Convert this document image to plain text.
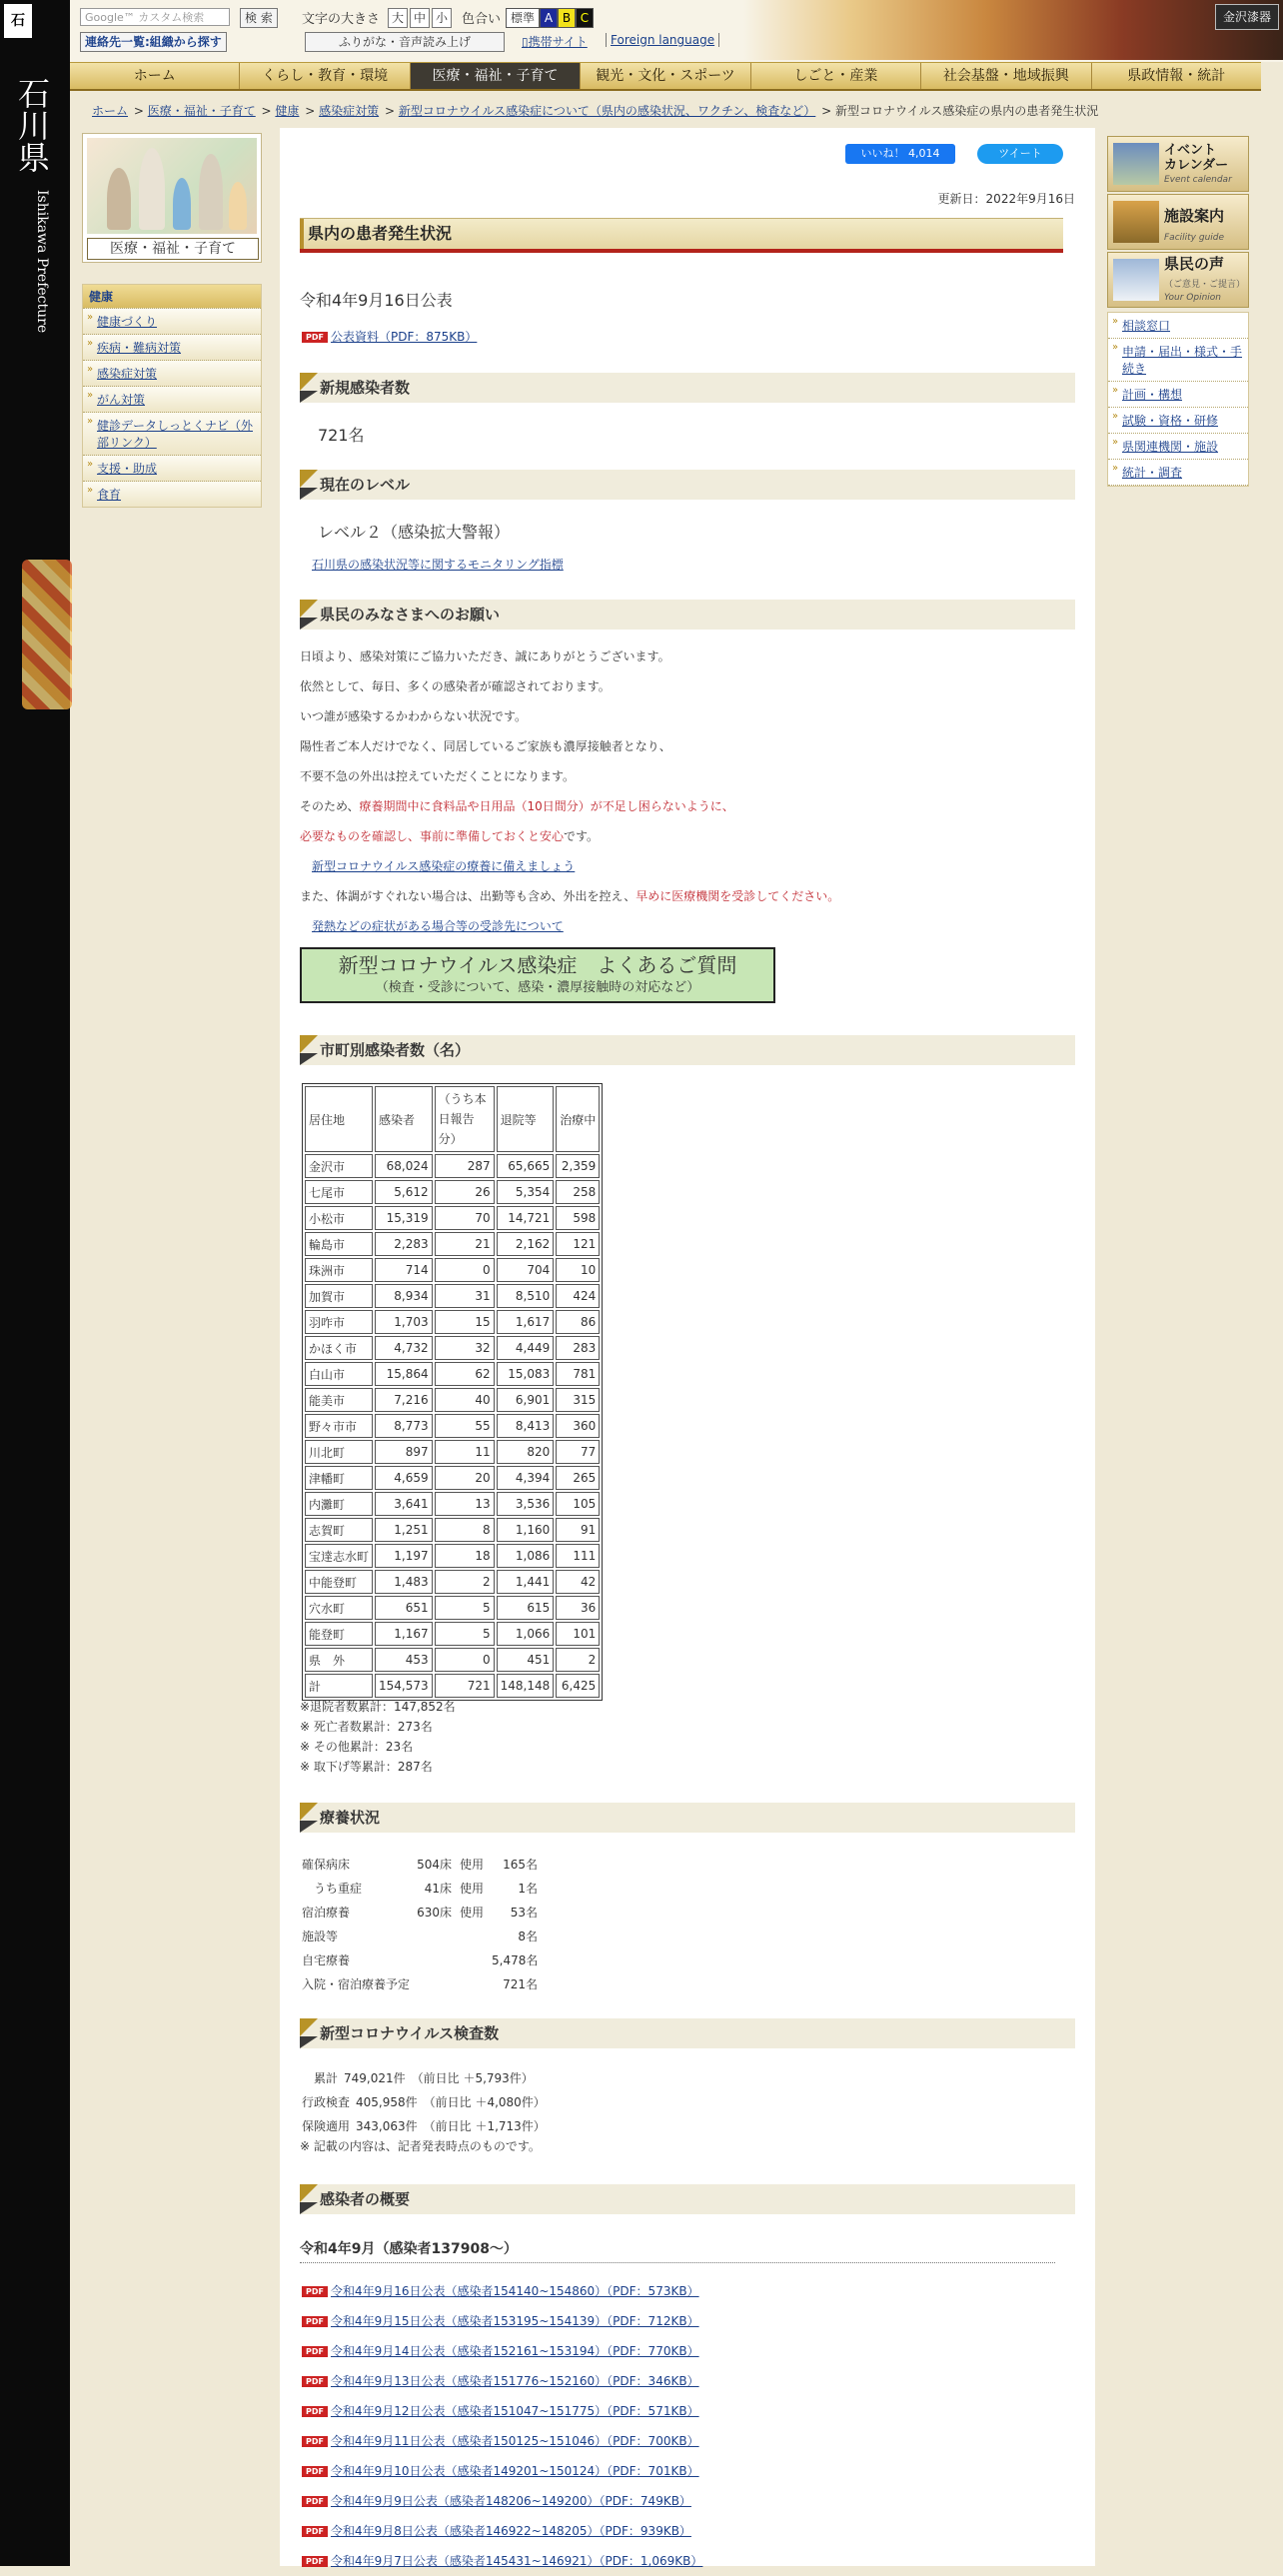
石
石川県
Ishikawa Prefecture
金沢漆器
Google™ カスタム検索	検 索	文字の大きさ 大 中 小	色合い 標準 A B C
連絡先一覧:組織から探す	ふりがな・音声読み上げ	▯携帯サイト	Foreign language
ホーム	くらし・教育・環境	医療・福祉・子育て	観光・文化・スポーツ	しごと・産業	社会基盤・地域振興	県政情報・統計
ホーム > 医療・福祉・子育て > 健康 > 感染症対策 > 新型コロナウイルス感染症について（県内の感染状況、ワクチン、検査など） > 新型コロナウイルス感染症の県内の患者発生状況
医療・福祉・子育て
健康
» 健康づくり
» 疾病・難病対策
» 感染症対策
» がん対策
» 健診データしっとくナビ（外部リンク）
» 支援・助成
» 食育
イベント
カレンダー
Event calendar
施設案内
Facility guide
県民の声
（ご意見・ご提言）
Your Opinion
» 相談窓口
» 申請・届出・様式・手続き
» 計画・構想
» 試験・資格・研修
» 県関連機関・施設
» 統計・調査
いいね！ 4,014	ツイート
更新日：2022年9月16日
県内の患者発生状況
令和4年9月16日公表
PDF 公表資料（PDF：875KB）
新規感染者数
721名
現在のレベル
レベル２（感染拡大警報）
石川県の感染状況等に関するモニタリング指標
県民のみなさまへのお願い
日頃より、感染対策にご協力いただき、誠にありがとうございます。
依然として、毎日、多くの感染者が確認されております。
いつ誰が感染するかわからない状況です。
陽性者ご本人だけでなく、同居しているご家族も濃厚接触者となり、
不要不急の外出は控えていただくことになります。
そのため、療養期間中に食料品や日用品（10日間分）が不足し困らないように、
必要なものを確認し、事前に準備しておくと安心です。
新型コロナウイルス感染症の療養に備えましょう
また、体調がすぐれない場合は、出勤等も含め、外出を控え、早めに医療機関を受診してください。
発熱などの症状がある場合等の受診先について
新型コロナウイルス感染症　よくあるご質問
（検査・受診について、感染・濃厚接触時の対応など）
市町別感染者数（名）
居住地	感染者	（うち本日報告分）	退院等	治療中
金沢市	68,024	287	65,665	2,359
七尾市	5,612	26	5,354	258
小松市	15,319	70	14,721	598
輪島市	2,283	21	2,162	121
珠洲市	714	0	704	10
加賀市	8,934	31	8,510	424
羽咋市	1,703	15	1,617	86
かほく市	4,732	32	4,449	283
白山市	15,864	62	15,083	781
能美市	7,216	40	6,901	315
野々市市	8,773	55	8,413	360
川北町	897	11	820	77
津幡町	4,659	20	4,394	265
内灘町	3,641	13	3,536	105
志賀町	1,251	8	1,160	91
宝達志水町	1,197	18	1,086	111
中能登町	1,483	2	1,441	42
穴水町	651	5	615	36
能登町	1,167	5	1,066	101
県　外	453	0	451	2
計	154,573	721	148,148	6,425
※退院者数累計：147,852名
※ 死亡者数累計：273名
※ その他累計：23名
※ 取下げ等累計：287名
療養状況
確保病床	504床 使用 165名
　うち重症	41床 使用	1名
宿泊療養	630床 使用 53名
施設等	8名
自宅療養	5,478名
入院・宿泊療養予定	721名
新型コロナウイルス検査数
　累計 749,021件 （前日比 ＋5,793件）
行政検査 405,958件 （前日比 ＋4,080件）
保険適用 343,063件 （前日比 ＋1,713件）
※ 記載の内容は、記者発表時点のものです。
感染者の概要
令和4年9月（感染者137908～）
PDF 令和4年9月16日公表（感染者154140~154860）（PDF：573KB）
PDF 令和4年9月15日公表（感染者153195~154139）（PDF：712KB）
PDF 令和4年9月14日公表（感染者152161~153194）（PDF：770KB）
PDF 令和4年9月13日公表（感染者151776~152160）（PDF：346KB）
PDF 令和4年9月12日公表（感染者151047~151775）（PDF：571KB）
PDF 令和4年9月11日公表（感染者150125~151046）（PDF：700KB）
PDF 令和4年9月10日公表（感染者149201~150124）（PDF：701KB）
PDF 令和4年9月9日公表（感染者148206~149200）（PDF：749KB）
PDF 令和4年9月8日公表（感染者146922~148205）（PDF：939KB）
PDF 令和4年9月7日公表（感染者145431~146921）（PDF：1,069KB）
